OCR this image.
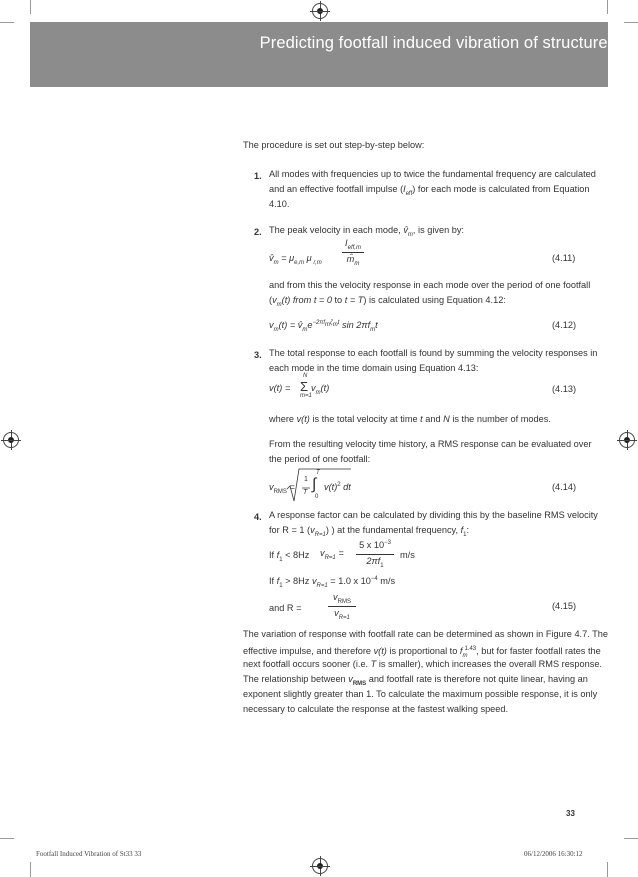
Predicting footfall induced vibration of structures
The procedure is set out step-by-step below:
1. All modes with frequencies up to twice the fundamental frequency are calculated
and an effective footfall impulse $(I_{eff})$ for each mode is calculated from Equation
4.10.
2. The peak velocity in each mode, $v̂_m$, is given by:
$v̂_m = \mu_{e,m}$ μ $_{r,m}$
$I_{eff,m}$
$m̂_m$
(4.11)
and from this the velocity response in each mode over the period of one footfall
($v_m(t)$ from t = 0 to t = T) is calculated using Equation 4.12:
$v_m(t)$ = $v̂_me^{-2\pi f_m\zeta_mt}$ $\sin 2\pi f_mt$	(4.12)
3. The total response to each footfall is found by summing the velocity responses in
each mode in the time domain using Equation 4.13:
v(t) =
N
Σ $v_m(t)$
m=1
(4.13)
where v(t) is the total velocity at time t and N is the number of modes.
From the resulting velocity time history, a RMS response can be evaluated over
the period of one footfall:
$v_{RMS}$ =
1
T
T
∫
0
$v(t)^2$ dt	(4.14)
4. A response factor can be calculated by dividing this by the baseline RMS velocity
for R = 1 $(v_{R=1})$ ) at the fundamental frequency, $f_1$:
If $f_1 < 8Hz$ $v_{R=1}$ =
5 x $10^{-3}$
$2\pi f_1$
m/s
If $f_1 > 8Hz$ $v_{R=1} = 1.0$ x $10^{-4}$ m/s
and R =
$v_{RMS}$
$v_{R=1}$
(4.15)
The variation of response with footfall rate can be determined as shown in Figure 4.7. The
effective impulse, and therefore v(t) is proportional to $f_m^{1.43}$, but for faster footfall rates the
next footfall occurs sooner (i.e. T is smaller), which increases the overall RMS response.
The relationship between $v_{RMS}$ and footfall rate is therefore not quite linear, having an
exponent slightly greater than 1. To calculate the maximum possible response, it is only
necessary to calculate the response at the fastest walking speed.
33
Footfall Induced Vibration of St33 33	06/12/2006 16:30:12
